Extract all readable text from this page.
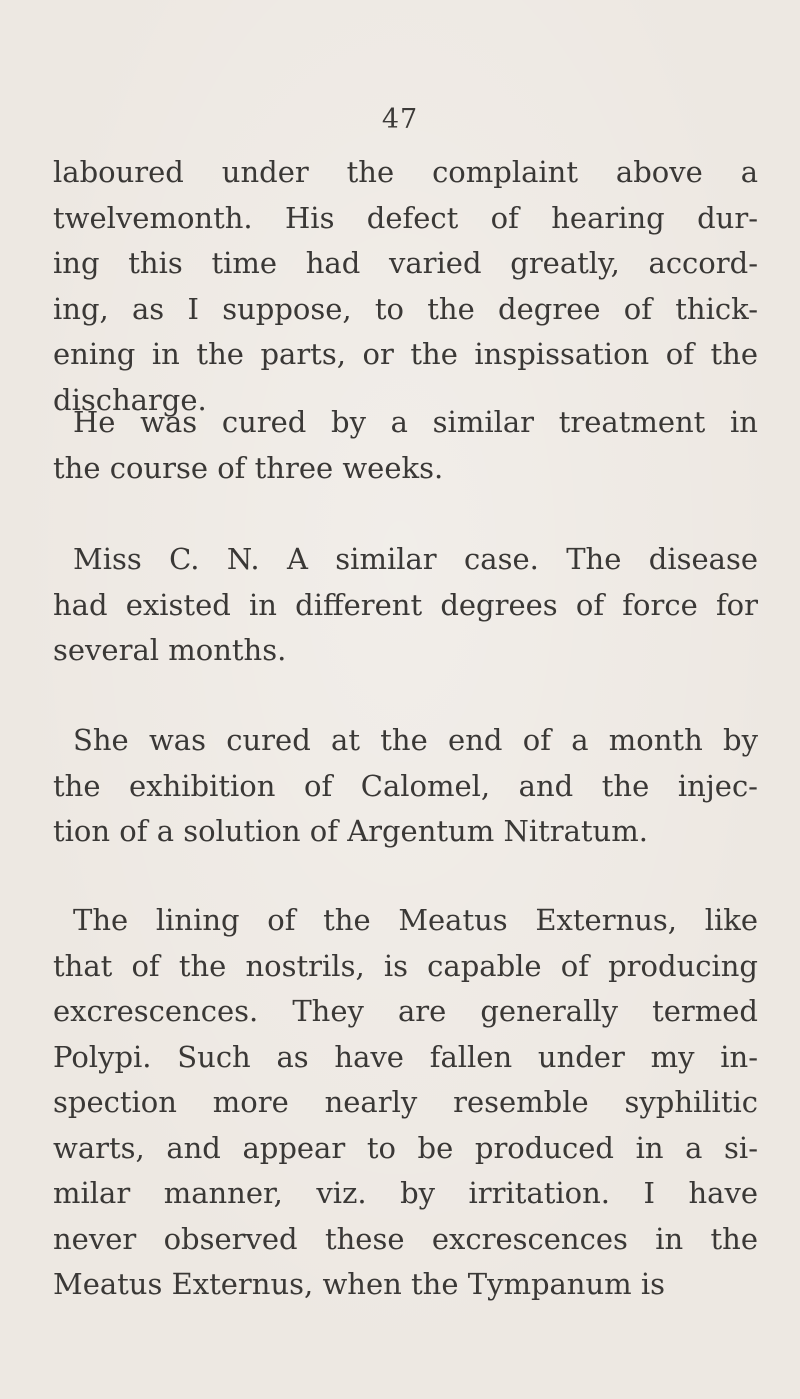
47
laboured under the complaint above a
twelvemonth. His defect of hearing dur-
ing this time had varied greatly, accord-
ing, as I suppose, to the degree of thick-
ening in the parts, or the inspissation of the
discharge.
He was cured by a similar treatment in
the course of three weeks.
Miss C. N. A similar case. The disease
had existed in different degrees of force for
several months.
She was cured at the end of a month by
the exhibition of Calomel, and the injec-
tion of a solution of Argentum Nitratum.
The lining of the Meatus Externus, like
that of the nostrils, is capable of producing
excrescences. They are generally termed
Polypi. Such as have fallen under my in-
spection more nearly resemble syphilitic
warts, and appear to be produced in a si-
milar manner, viz. by irritation. I have
never observed these excrescences in the
Meatus Externus, when the Tympanum is
